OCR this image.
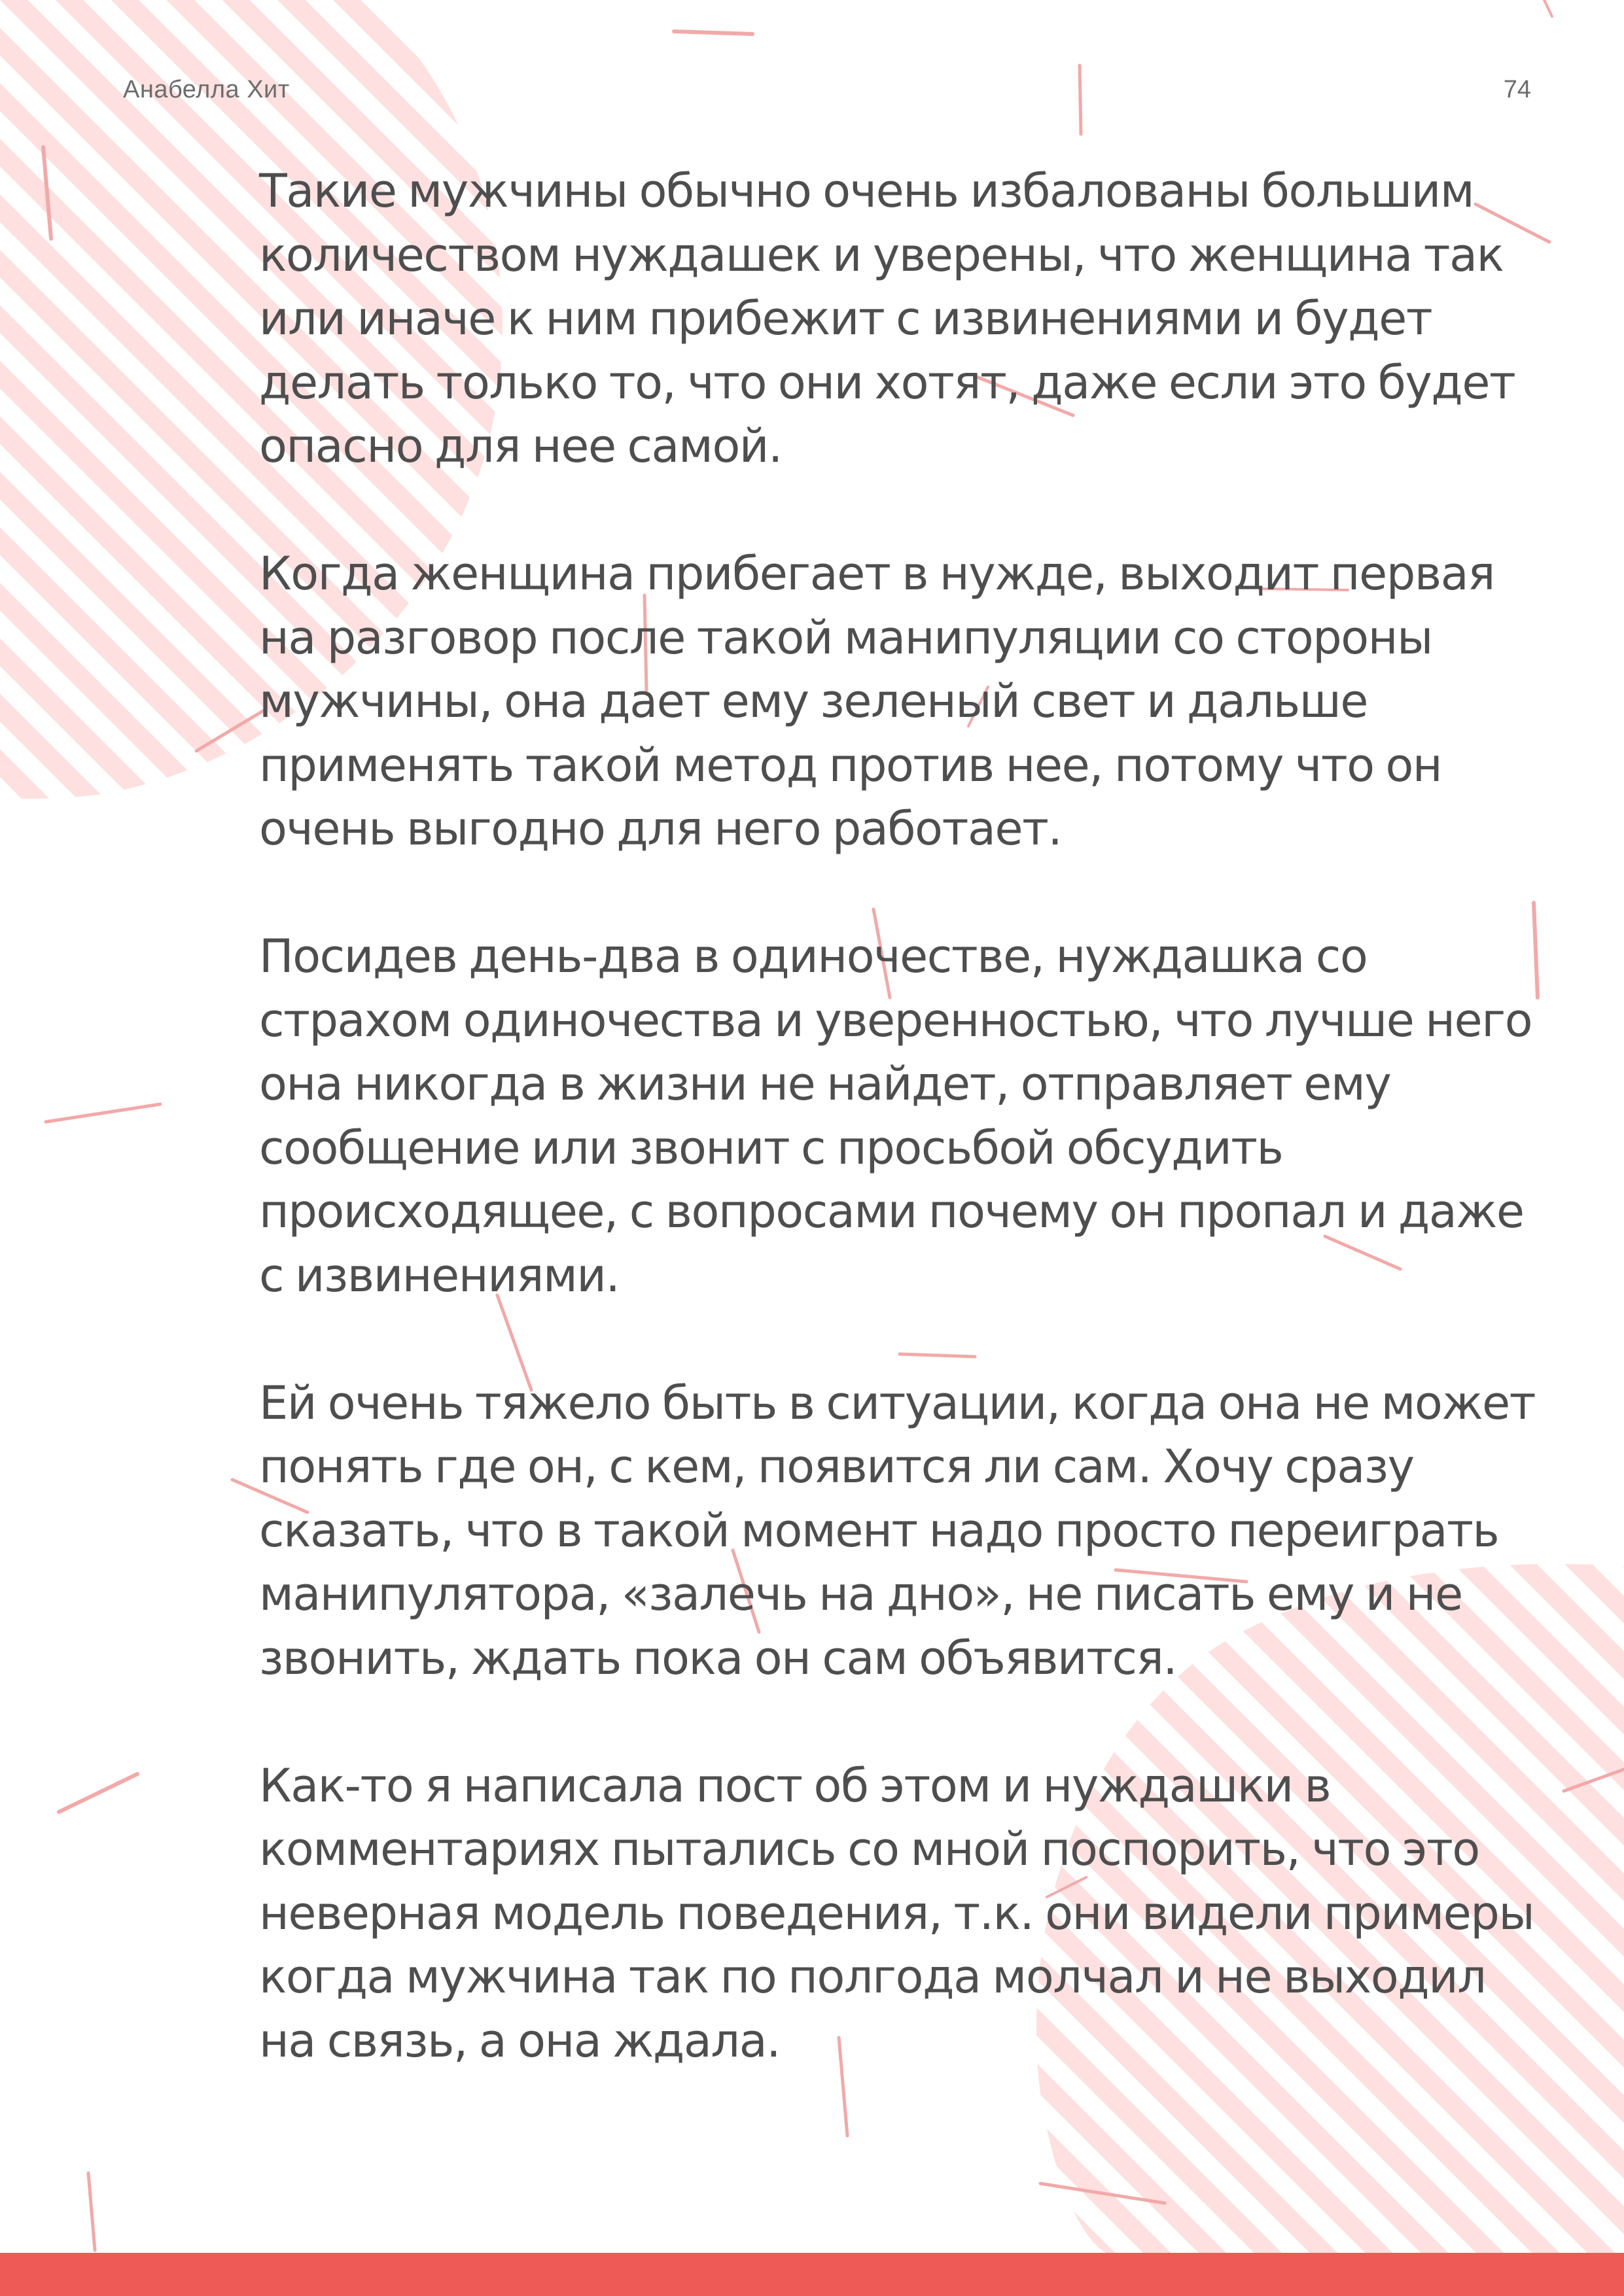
Анабелла Хит	74

Такие мужчины обычно очень избалованы большим количеством нуждашек и уверены, что женщина так или иначе к ним прибежит с извинениями и будет делать только то, что они хотят, даже если это будет опасно для нее самой.

Когда женщина прибегает в нужде, выходит первая на разговор после такой манипуляции со стороны мужчины, она дает ему зеленый свет и дальше применять такой метод против нее, потому что он очень выгодно для него работает.

Посидев день-два в одиночестве, нуждашка со страхом одиночества и уверенностью, что лучше него она никогда в жизни не найдет, отправляет ему сообщение или звонит с просьбой обсудить происходящее, с вопросами почему он пропал и даже с извинениями.

Ей очень тяжело быть в ситуации, когда она не может понять где он, с кем, появится ли сам. Хочу сразу сказать, что в такой момент надо просто переиграть манипулятора, «залечь на дно», не писать ему и не звонить, ждать пока он сам объявится.

Как-то я написала пост об этом и нуждашки в комментариях пытались со мной поспорить, что это неверная модель поведения, т.к. они видели примеры когда мужчина так по полгода молчал и не выходил на связь, а она ждала.
